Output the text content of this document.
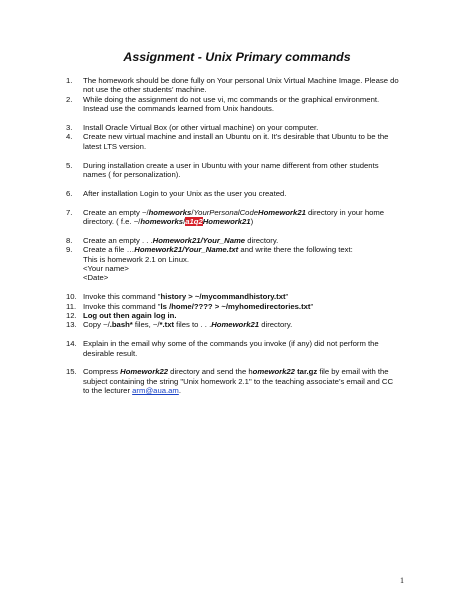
Assignment - Unix Primary commands
1.	The homework should be done fully on Your personal Unix Virtual Machine Image. Please do
not use the other students’ machine.
2.	While doing the assignment do not use vi, mc commands or the graphical environment.
Instead use the commands learned from Unix handouts.
3.	Install Oracle Virtual Box (or other virtual machine) on your computer.
4.	Create new virtual machine and install an Ubuntu on it. It’s desirable that Ubuntu to be the
latest LTS version.
5.	During installation create a user in Ubuntu with your name different from other students
names ( for personalization).
6.	After installation Login to your Unix as the user you created.
7.	Create an empty ~/homeworks/YourPersonalCodeHomework21 directory in your home
directory. ( f.e. ~/homeworks a1q2Homework21)
8.	Create an empty . . .Homework21/Your_Name directory.
9.	Create a file …Homework21/Your_Name.txt and write there the following text:
This is homework 2.1 on Linux.
<Your name>
<Date>
10. Invoke this command "history > ~/mycommandhistory.txt"
11. Invoke this command "ls /home/???? > ~/myhomedirectories.txt"
12. Log out then again log in.
13. Copy ~/.bash* files, ~/*.txt files to . . .Homework21 directory.
14. Explain in the email why some of the commands you invoke (if any) did not perform the
desirable result.
15. Compress Homework22 directory and send the homework22 tar.gz file by email with the
subject containing the string "Unix homework 2.1" to the teaching associate’s email and CC
to the lecturer arm@aua.am.
1
